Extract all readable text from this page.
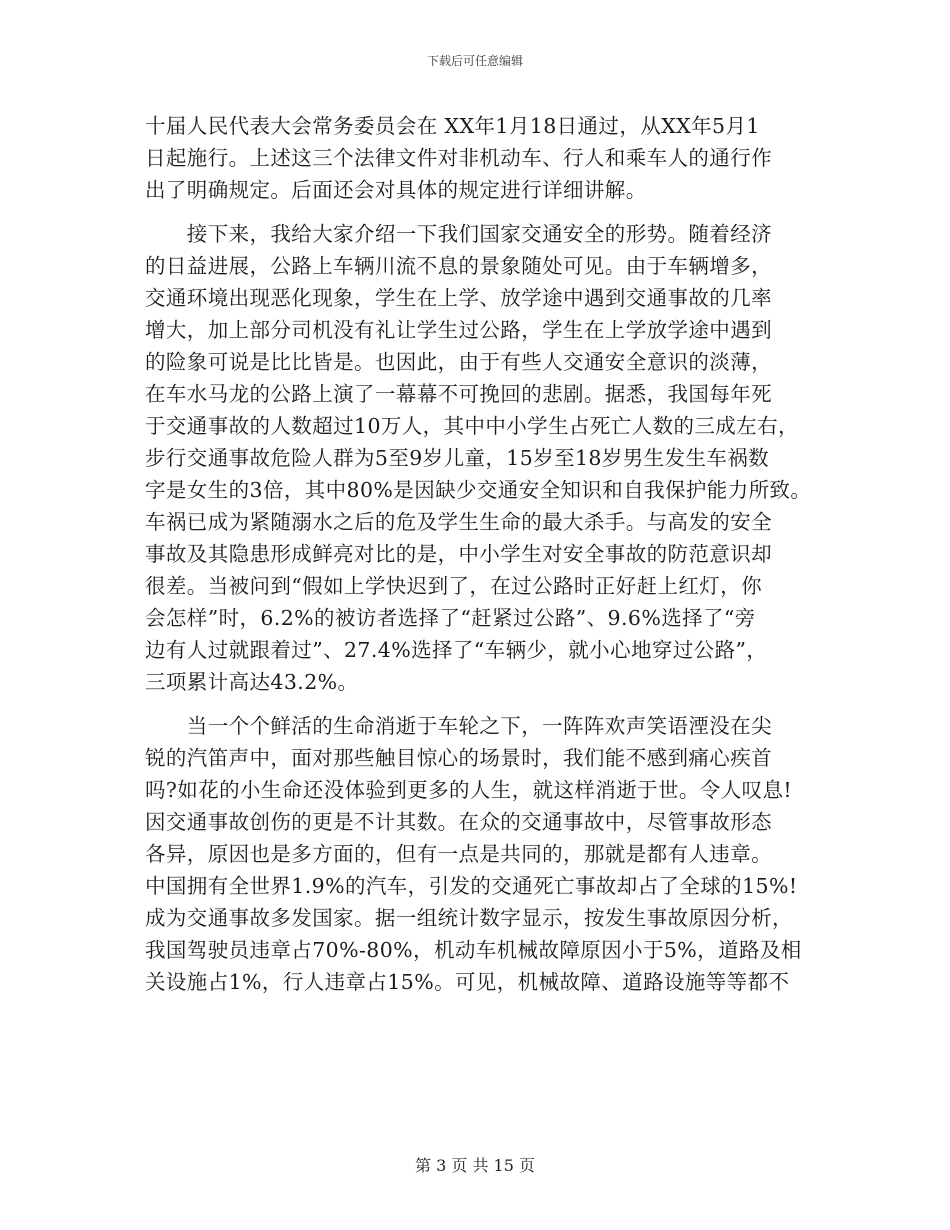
下载后可任意编辑
十届人民代表大会常务委员会在 XX年1月18日通过，从XX年5月1
日起施行。上述这三个法律文件对非机动车、行人和乘车人的通行作
出了明确规定。后面还会对具体的规定进行详细讲解。
　　接下来，我给大家介绍一下我们国家交通安全的形势。随着经济
的日益进展，公路上车辆川流不息的景象随处可见。由于车辆增多，
交通环境出现恶化现象，学生在上学、放学途中遇到交通事故的几率
增大，加上部分司机没有礼让学生过公路，学生在上学放学途中遇到
的险象可说是比比皆是。也因此，由于有些人交通安全意识的淡薄，
在车水马龙的公路上演了一幕幕不可挽回的悲剧。据悉，我国每年死
于交通事故的人数超过10万人，其中中小学生占死亡人数的三成左右，
步行交通事故危险人群为5至9岁儿童，15岁至18岁男生发生车祸数
字是女生的3倍，其中80%是因缺少交通安全知识和自我保护能力所致。
车祸已成为紧随溺水之后的危及学生生命的最大杀手。与高发的安全
事故及其隐患形成鲜亮对比的是，中小学生对安全事故的防范意识却
很差。当被问到“假如上学快迟到了，在过公路时正好赶上红灯，你
会怎样”时，6.2%的被访者选择了“赶紧过公路”、9.6%选择了“旁
边有人过就跟着过”、27.4%选择了“车辆少，就小心地穿过公路”，
三项累计高达43.2%。
　　当一个个鲜活的生命消逝于车轮之下，一阵阵欢声笑语湮没在尖
锐的汽笛声中，面对那些触目惊心的场景时，我们能不感到痛心疾首
吗?如花的小生命还没体验到更多的人生，就这样消逝于世。令人叹息!
因交通事故创伤的更是不计其数。在众的交通事故中，尽管事故形态
各异，原因也是多方面的，但有一点是共同的，那就是都有人违章。
中国拥有全世界1.9%的汽车，引发的交通死亡事故却占了全球的15%!
成为交通事故多发国家。据一组统计数字显示，按发生事故原因分析，
我国驾驶员违章占70%-80%，机动车机械故障原因小于5%，道路及相
关设施占1%，行人违章占15%。可见，机械故障、道路设施等等都不
第 3 页 共 15 页
